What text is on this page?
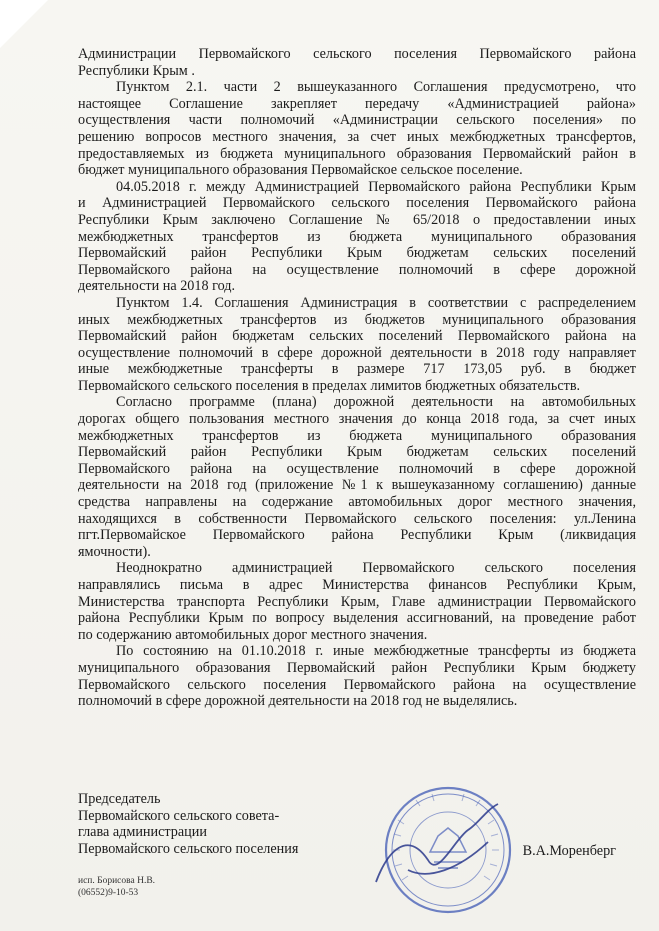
Администрации Первомайского сельского поселения Первомайского района
Республики Крым .
Пунктом 2.1. части 2 вышеуказанного Соглашения предусмотрено, что
настоящее Соглашение закрепляет передачу «Администрацией района»
осуществления части полномочий «Администрации сельского поселения» по
решению вопросов местного значения, за счет иных межбюджетных трансфертов,
предоставляемых из бюджета муниципального образования Первомайский район в
бюджет муниципального образования Первомайское сельское поселение.
04.05.2018 г. между Администрацией Первомайского района Республики Крым
и Администрацией Первомайского сельского поселения Первомайского района
Республики Крым заключено Соглашение № 65/2018 о предоставлении иных
межбюджетных трансфертов из бюджета муниципального образования
Первомайский район Республики Крым бюджетам сельских поселений
Первомайского района на осуществление полномочий в сфере дорожной
деятельности на 2018 год.
Пунктом 1.4. Соглашения Администрация в соответствии с распределением
иных межбюджетных трансфертов из бюджетов муниципального образования
Первомайский район бюджетам сельских поселений Первомайского района на
осуществление полномочий в сфере дорожной деятельности в 2018 году направляет
иные межбюджетные трансферты в размере 717 173,05 руб. в бюджет
Первомайского сельского поселения в пределах лимитов бюджетных обязательств.
Согласно программе (плана) дорожной деятельности на автомобильных
дорогах общего пользования местного значения до конца 2018 года, за счет иных
межбюджетных трансфертов из бюджета муниципального образования
Первомайский район Республики Крым бюджетам сельских поселений
Первомайского района на осуществление полномочий в сфере дорожной
деятельности на 2018 год (приложение №1 к вышеуказанному соглашению) данные
средства направлены на содержание автомобильных дорог местного значения,
находящихся в собственности Первомайского сельского поселения: ул.Ленина
пгт.Первомайское Первомайского района Республики Крым (ликвидация
ямочности).
Неоднократно администрацией Первомайского сельского поселения
направлялись письма в адрес Министерства финансов Республики Крым,
Министерства транспорта Республики Крым, Главе администрации Первомайского
района Республики Крым по вопросу выделения ассигнований, на проведение работ
по содержанию автомобильных дорог местного значения.
По состоянию на 01.10.2018 г. иные межбюджетные трансферты из бюджета
муниципального образования Первомайский район Республики Крым бюджету
Первомайского сельского поселения Первомайского района на осуществление
полномочий в сфере дорожной деятельности на 2018 год не выделялись.
Председатель
Первомайского сельского совета-
глава администрации
Первомайского сельского поселения	В.А.Моренберг
исп. Борисова Н.В.
(06552)9-10-53
